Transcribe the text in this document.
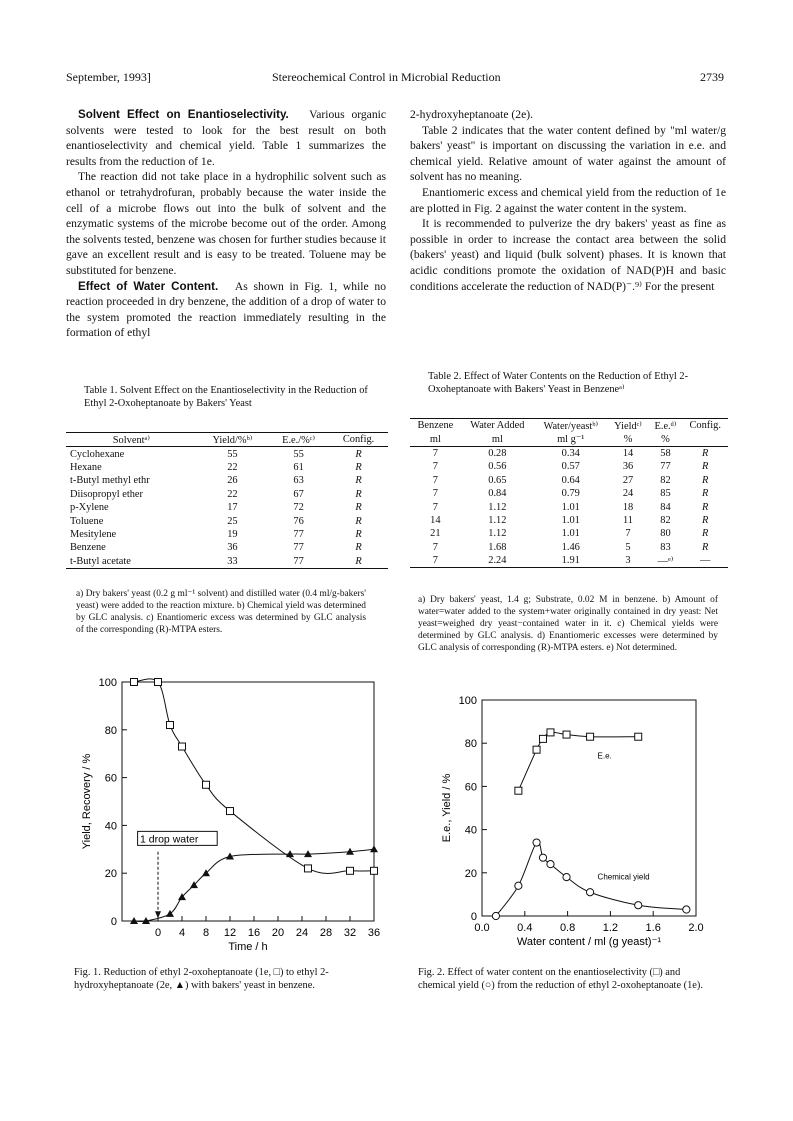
September, 1993]	Stereochemical Control in Microbial Reduction	2739

Solvent Effect on Enantioselectivity. Various organic solvents were tested to look for the best result on both enantioselectivity and chemical yield. Table 1 summarizes the results from the reduction of 1e.

The reaction did not take place in a hydrophilic solvent such as ethanol or tetrahydrofuran, probably because the water inside the cell of a microbe flows out into the bulk of solvent and the enzymatic systems of the microbe become out of the order. Among the solvents tested, benzene was chosen for further studies because it gave an excellent result and is easy to be treated. Toluene may be substituted for benzene.

Effect of Water Content. As shown in Fig. 1, while no reaction proceeded in dry benzene, the addition of a drop of water to the system promoted the reaction immediately resulting in the formation of ethyl

2-hydroxyheptanoate (2e).

Table 2 indicates that the water content defined by "ml water/g bakers' yeast" is important on discussing the variation in e.e. and chemical yield. Relative amount of water against the amount of solvent has no meaning.

Enantiomeric excess and chemical yield from the reduction of 1e are plotted in Fig. 2 against the water content in the system.

It is recommended to pulverize the dry bakers' yeast as fine as possible in order to increase the contact area between the solid (bakers' yeast) and liquid (bulk solvent) phases. It is known that acidic conditions promote the oxidation of NAD(P)H and basic conditions accelerate the reduction of NAD(P)⁻.⁹⁾ For the present

Table 1. Solvent Effect on the Enantioselectivity in the Reduction of Ethyl 2-Oxoheptanoate by Bakers' Yeast
Solventᵃ⁾	Yield/%ᵇ⁾	E.e./%ᶜ⁾	Config.
Cyclohexane	55	55	R
Hexane	22	61	R
t-Butyl methyl ethr	26	63	R
Diisopropyl ether	22	67	R
p-Xylene	17	72	R
Toluene	25	76	R
Mesitylene	19	77	R
Benzene	36	77	R
t-Butyl acetate	33	77	R
a) Dry bakers' yeast (0.2 g ml⁻¹ solvent) and distilled water (0.4 ml/g-bakers' yeast) were added to the reaction mixture. b) Chemical yield was determined by GLC analysis. c) Enantiomeric excess was determined by GLC analysis of the corresponding (R)-MTPA esters.
Table 2. Effect of Water Contents on the Reduction of Ethyl 2-Oxoheptanoate with Bakers' Yeast in Benzeneᵃ⁾
Benzene	Water Added	Water/yeastᵇ⁾	Yieldᶜ⁾	E.e.ᵈ⁾	Config.
ml	ml	ml g⁻¹	%	%	
7	0.28	0.34	14	58	R
7	0.56	0.57	36	77	R
7	0.65	0.64	27	82	R
7	0.84	0.79	24	85	R
7	1.12	1.01	18	84	R
14	1.12	1.01	11	82	R
21	1.12	1.01	7	80	R
7	1.68	1.46	5	83	R
7	2.24	1.91	3	—ᵉ⁾	—
a) Dry bakers' yeast, 1.4 g; Substrate, 0.02 M in benzene. b) Amount of water=water added to the system+water originally contained in dry yeast: Net yeast=weighed dry yeast−contained water in it. c) Chemical yields were determined by GLC analysis. d) Enantiomeric excesses were determined by GLC analysis of corresponding (R)-MTPA esters. e) Not determined.
0
20
40
60
80
100
0 4 8 12 16 20 24 28 32 36
Time / h
Yield, Recovery / %	1 drop water
Fig. 1. Reduction of ethyl 2-oxoheptanoate (1e, □) to ethyl 2-hydroxyheptanoate (2e, ▲) with bakers' yeast in benzene.
0
20
40
60
80
100
0.0	0.4	0.8	1.2	1.6	2.0
Water content / ml (g yeast)⁻¹
E.e., Yield / %
E.e.
Chemical yield
Fig. 2. Effect of water content on the enantioselectivity (□) and chemical yield (○) from the reduction of ethyl 2-oxoheptanoate (1e).
